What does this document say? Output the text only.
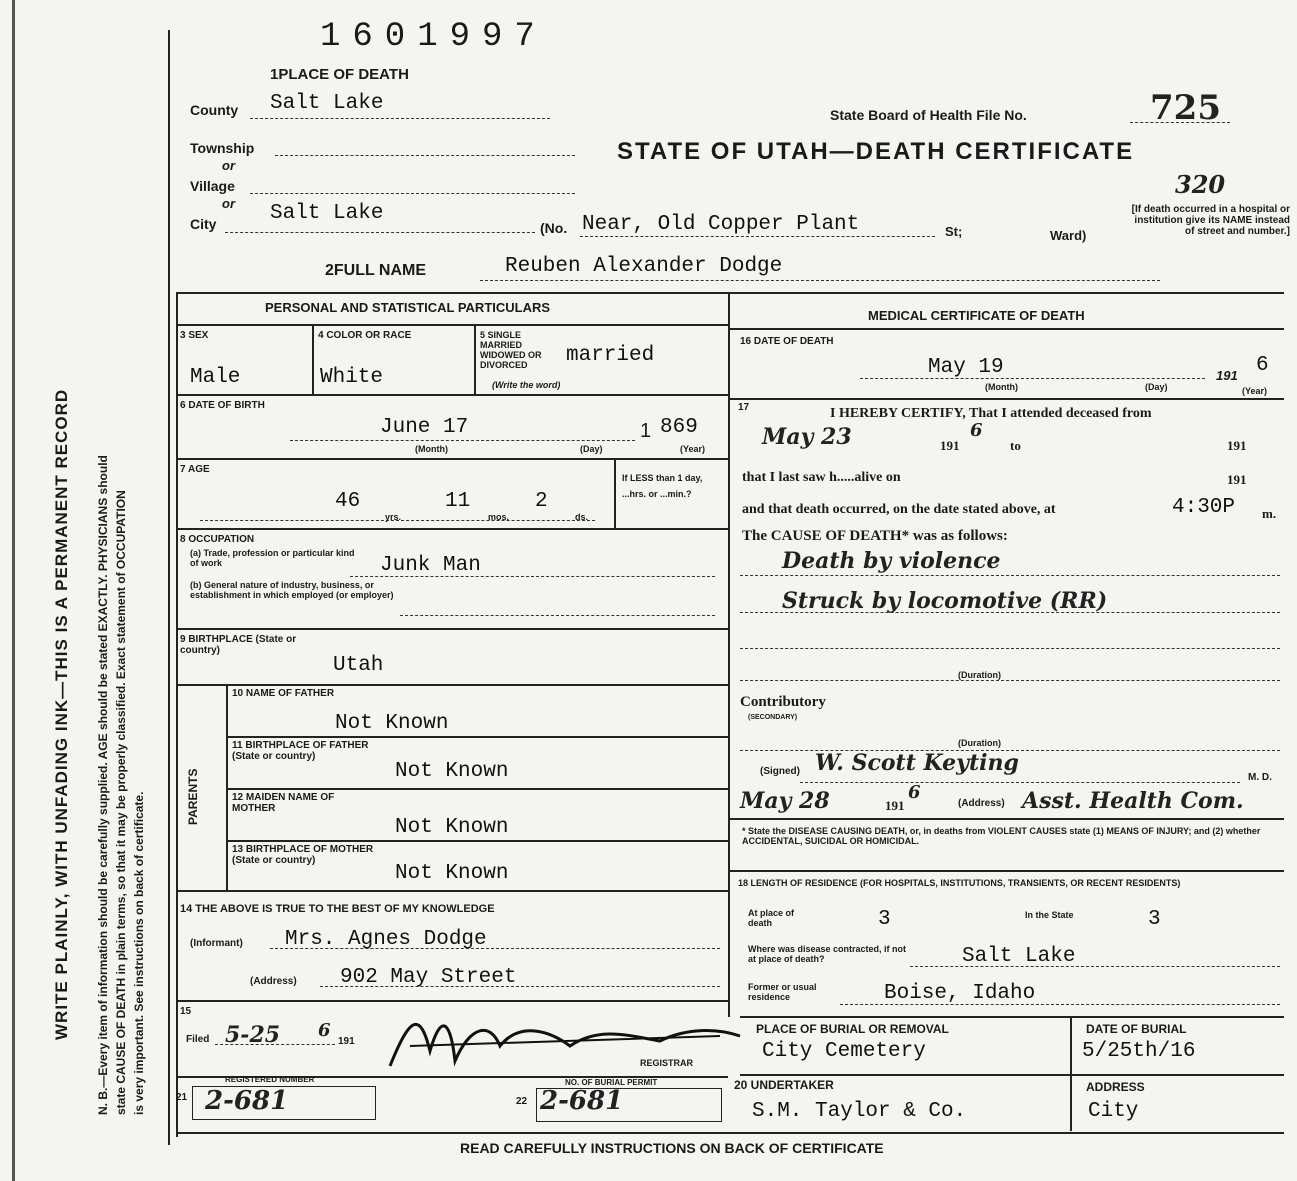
WRITE PLAINLY, WITH UNFADING INK—THIS IS A PERMANENT RECORD N. B.—Every item of information should be carefully supplied. AGE should be stated EXACTLY. PHYSICIANS should state CAUSE OF DEATH in plain terms, so that it may be properly classified. Exact statement of OCCUPATION is very important. See instructions on back of certificate.
1601997
1PLACE OF DEATH
County Salt Lake
Township
or
Village
or
City	Salt Lake
(No. Near, Old Copper Plant	St;	Ward)
[If death occurred in a hospital or institution give its NAME instead of street and number.]
State Board of Health File No.	725
STATE OF UTAH—DEATH CERTIFICATE
320
2FULL NAME	Reuben Alexander Dodge
PERSONAL AND STATISTICAL PARTICULARS
3 SEX	4 COLOR OR RACE	5 SINGLE MARRIED WIDOWED OR DIVORCED
(Write the word)
Male	White
married
6 DATE OF BIRTH
June 17	1 869
(Month)	(Day)	(Year)
7 AGE
46
yrs.
11
mos.
2
ds.
If LESS than 1 day, ...hrs. or ...min.?
8 OCCUPATION
(a) Trade, profession or particular kind of work	Junk Man
(b) General nature of industry, business, or establishment in which employed (or employer)
9 BIRTHPLACE (State or country)
Utah
PARENTS
10 NAME OF FATHER
Not Known
11 BIRTHPLACE OF FATHER (State or country)
Not Known
12 MAIDEN NAME OF MOTHER
Not Known
13 BIRTHPLACE OF MOTHER (State or country)
Not Known
14 THE ABOVE IS TRUE TO THE BEST OF MY KNOWLEDGE
(Informant) Mrs. Agnes Dodge
(Address) 902 May Street
15
Filed 5-25	191
6
REGISTRAR
21
REGISTERED NUMBER
2-681	22
NO. OF BURIAL PERMIT
2-681
MEDICAL CERTIFICATE OF DEATH
16 DATE OF DEATH
May 19	191 6
(Month)	(Day)	(Year)
17	I HEREBY CERTIFY, That I attended deceased from
May 23	191
6
to	191
that I last saw h.....alive on	191
and that death occurred, on the date stated above, at	4:30P m.
The CAUSE OF DEATH* was as follows:
Death by violence
Struck by locomotive (RR)
(Duration)
Contributory
(SECONDARY)
(Duration)
(Signed) W. Scott Keyting
M. D.
May 28	191
6
(Address) Asst. Health Com.
* State the DISEASE CAUSING DEATH, or, in deaths from VIOLENT CAUSES state (1) MEANS OF INJURY; and (2) whether ACCIDENTAL, SUICIDAL OR HOMICIDAL.
18 LENGTH OF RESIDENCE (FOR HOSPITALS, INSTITUTIONS, TRANSIENTS, OR RECENT RESIDENTS)
At place of death	3	In the State	3
Where was disease contracted, if not at place of death?	Salt Lake
Former or usual residence	Boise, Idaho
PLACE OF BURIAL OR REMOVAL
City Cemetery
DATE OF BURIAL
5/25th/16
20 UNDERTAKER
S.M. Taylor & Co.
ADDRESS
City
READ CAREFULLY INSTRUCTIONS ON BACK OF CERTIFICATE
